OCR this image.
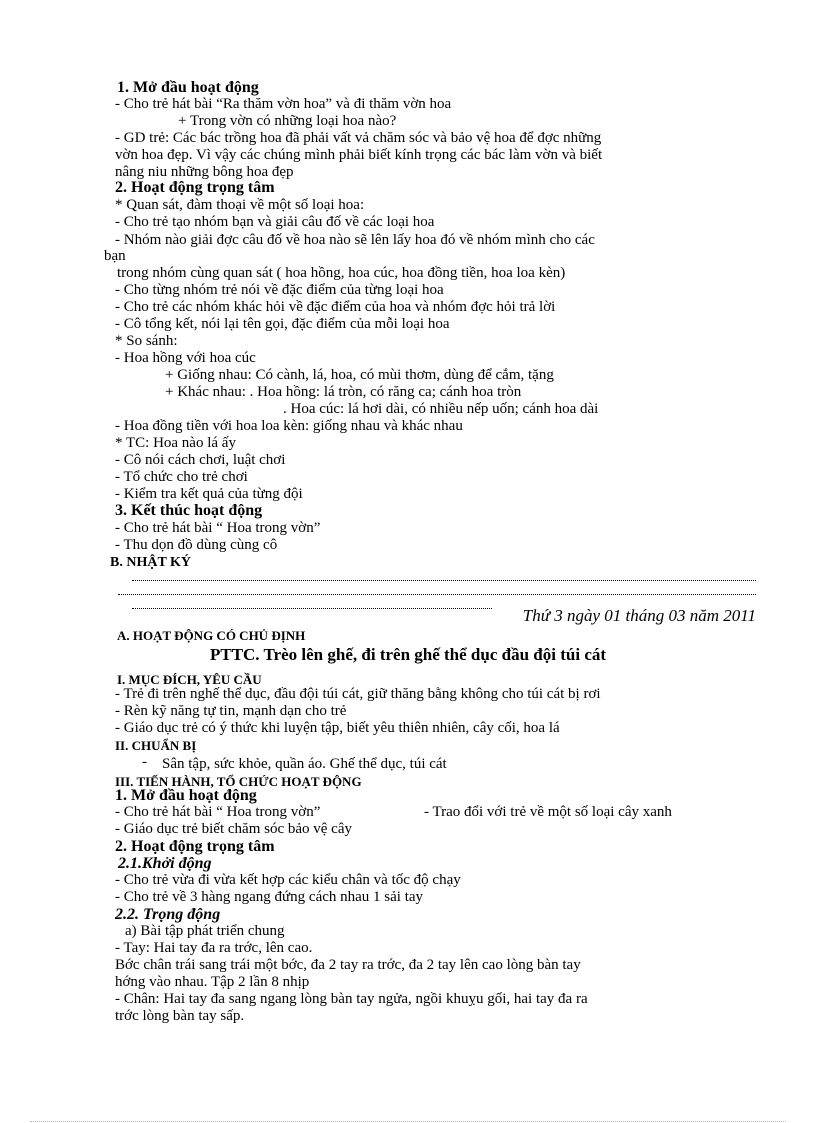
1. Mở đầu hoạt động
- Cho trẻ hát bài “Ra thăm vờn hoa” và đi thăm vờn hoa
+ Trong vờn có những loại hoa nào?
- GD trẻ: Các bác trồng hoa đã phải vất vả chăm sóc và bảo vệ hoa để đợc những
vờn hoa đẹp. Vì vậy các chúng mình phải biết kính trọng các bác làm vờn và biết
nâng niu những bông hoa đẹp
2. Hoạt động trọng tâm
* Quan sát, đàm thoại về một số loại hoa:
- Cho trẻ tạo nhóm bạn và giải câu đố về các loại hoa
- Nhóm nào giải đợc câu đố về hoa nào sẽ lên lấy hoa đó về nhóm mình cho các
bạn
trong nhóm cùng quan sát ( hoa hồng, hoa cúc, hoa đồng tiền, hoa loa kèn)
- Cho từng nhóm trẻ nói về đặc điểm của từng loại hoa
- Cho trẻ các nhóm khác hỏi về đặc điểm của hoa và nhóm đợc hỏi trả lời
- Cô tổng kết, nói lại tên gọi, đặc điểm của mỗi loại hoa
* So sánh:
- Hoa hồng với hoa cúc
+ Giống nhau: Có cành, lá, hoa, có mùi thơm, dùng để cắm, tặng
+ Khác nhau: . Hoa hồng: lá tròn, có răng ca; cánh hoa tròn
. Hoa cúc: lá hơi dài, có nhiều nếp uốn; cánh hoa dài
- Hoa đồng tiền với hoa loa kèn: giống nhau và khác nhau
* TC: Hoa nào lá ấy
- Cô nói cách chơi, luật chơi
- Tổ chức cho trẻ chơi
- Kiểm tra kết quả của từng đội
3. Kết thúc hoạt động
- Cho trẻ hát bài “ Hoa trong vờn”
- Thu dọn đồ dùng cùng cô
B. NHẬT KÝ
Thứ 3 ngày 01 tháng 03 năm 2011
A. HOẠT ĐỘNG CÓ CHỦ ĐỊNH
PTTC. Trèo lên ghế, đi trên ghế thể dục đầu đội túi cát
I. MỤC ĐÍCH, YÊU CẦU
- Trẻ đi trên nghế thể dục, đầu đội túi cát, giữ thăng bằng không cho túi cát bị rơi
- Rèn kỹ năng tự tin, mạnh dạn cho trẻ
- Giáo dục trẻ có ý thức khi luyện tập, biết yêu thiên nhiên, cây cối, hoa lá
II. CHUẨN BỊ
- Sân tập, sức khỏe, quần áo. Ghế thể dục, túi cát
III. TIẾN HÀNH, TỔ CHỨC HOẠT ĐỘNG
1. Mở đầu hoạt động
- Cho trẻ hát bài “ Hoa trong vờn”	- Trao đổi với trẻ về một số loại cây xanh
- Giáo dục trẻ biết chăm sóc bảo vệ cây
2. Hoạt động trọng tâm
2.1.Khởi động
- Cho trẻ vừa đi vừa kết hợp các kiểu chân và tốc độ chạy
- Cho trẻ về 3 hàng ngang đứng cách nhau 1 sải tay
2.2. Trọng động
a) Bài tập phát triển chung
- Tay: Hai tay đa ra trớc, lên cao.
Bớc chân trái sang trái một bớc, đa 2 tay ra trớc, đa 2 tay lên cao lòng bàn tay
hớng vào nhau. Tập 2 lần 8 nhịp
- Chân: Hai tay đa sang ngang lòng bàn tay ngửa, ngồi khuỵu gối, hai tay đa ra
trớc lòng bàn tay sấp.
